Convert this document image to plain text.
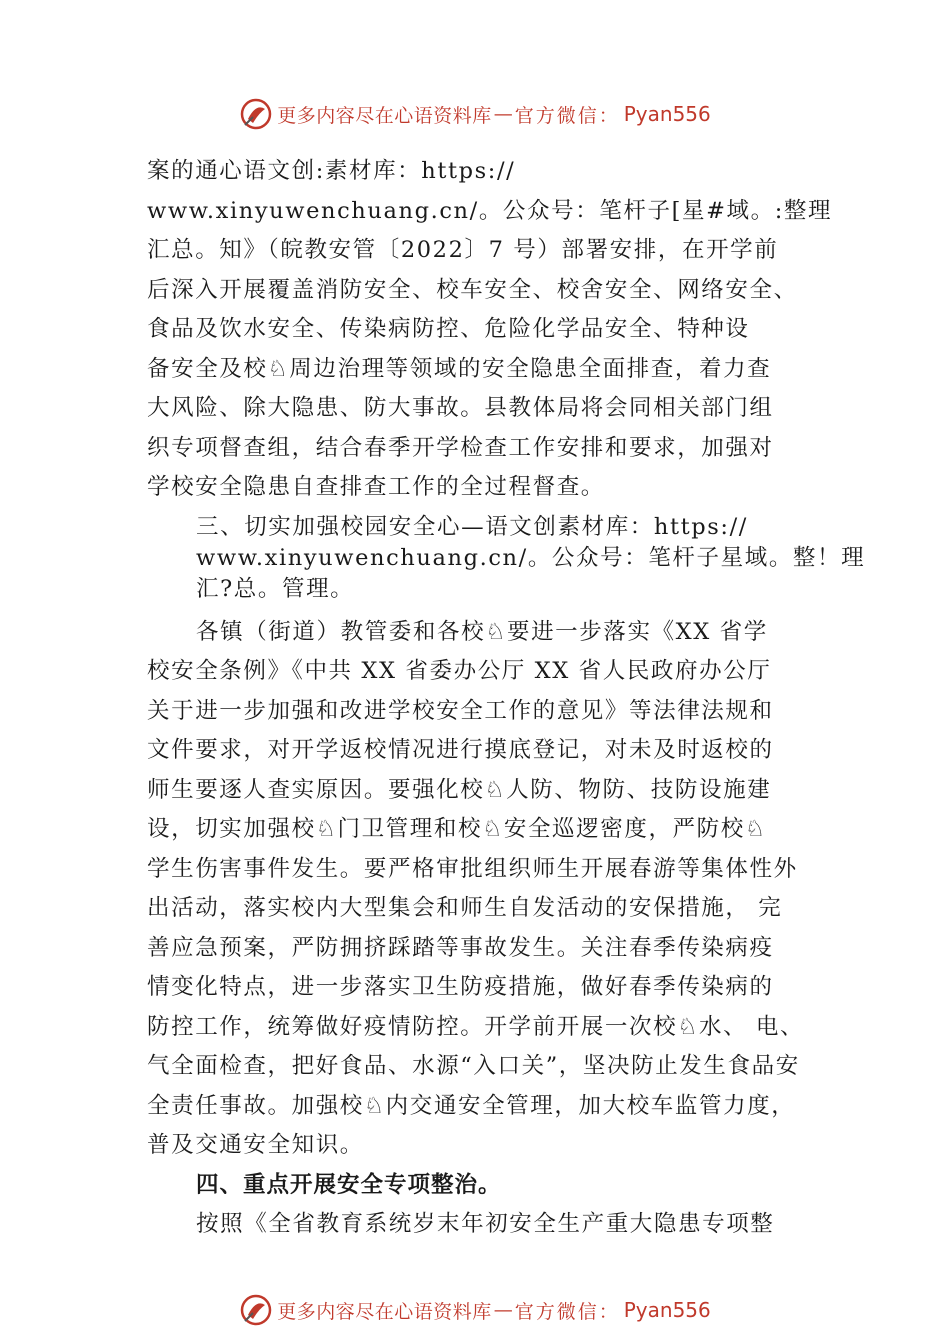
更多内容尽在心语资料库 — 官方微信： Pyan556
案的通心语文创:素材库：https://
www.xinyuwenchuang.cn/。公众号：笔杆子[星#域。:整理
汇总。知》（皖教安管〔2022〕7 号）部署安排，在开学前
后深入开展覆盖消防安全、校车安全、校舍安全、网络安全、
食品及饮水安全、传染病防控、危险化学品安全、特种设
备安全及校♘周边治理等领域的安全隐患全面排查，着力查
大风险、除大隐患、防大事故。县教体局将会同相关部门组
织专项督查组，结合春季开学检查工作安排和要求，加强对
学校安全隐患自查排查工作的全过程督查。
三、切实加强校园安全心—语文创素材库：https://
www.xinyuwenchuang.cn/。公众号：笔杆子星域。整！理
汇?总。管理。
各镇（街道）教管委和各校♘要进一步落实《XX 省学
校安全条例》《中共 XX 省委办公厅 XX 省人民政府办公厅
关于进一步加强和改进学校安全工作的意见》等法律法规和
文件要求，对开学返校情况进行摸底登记，对未及时返校的
师生要逐人查实原因。要强化校♘人防、物防、技防设施建
设，切实加强校♘门卫管理和校♘安全巡逻密度，严防校♘
学生伤害事件发生。要严格审批组织师生开展春游等集体性外
出活动，落实校内大型集会和师生自发活动的安保措施， 完
善应急预案，严防拥挤踩踏等事故发生。关注春季传染病疫
情变化特点，进一步落实卫生防疫措施，做好春季传染病的
防控工作，统筹做好疫情防控。开学前开展一次校♘水、 电、
气全面检查，把好食品、水源“入口关”，坚决防止发生食品安
全责任事故。加强校♘内交通安全管理，加大校车监管力度，
普及交通安全知识。
四、重点开展安全专项整治。
按照《全省教育系统岁末年初安全生产重大隐患专项整
更多内容尽在心语资料库 — 官方微信： Pyan556
